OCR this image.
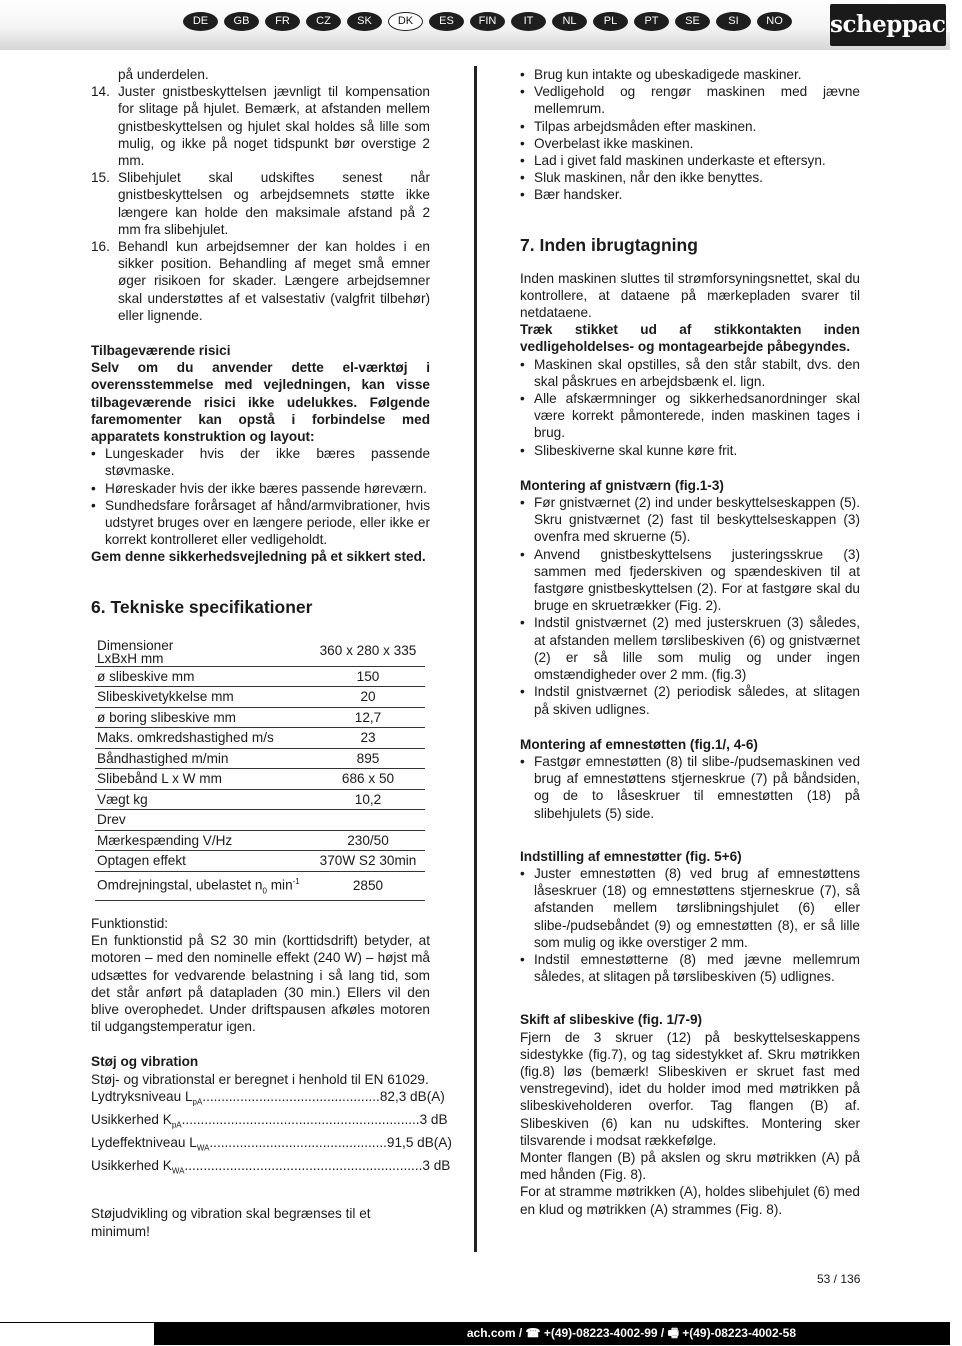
DE	GB	FR	CZ	SK	DK	ES	FIN	IT	NL	PL	PT	SE	SI	NO	scheppach

på underdelen.

14. Juster gnistbeskyttelsen jævnligt til kompensation for slitage på hjulet. Bemærk, at afstanden mellem gnistbeskyttelsen og hjulet skal holdes så lille som mulig, og ikke på noget tidspunkt bør overstige 2 mm.

15. Slibehjulet skal udskiftes senest når gnistbeskyttelsen og arbejdsemnets støtte ikke længere kan holde den maksimale afstand på 2 mm fra slibehjulet.

16. Behandl kun arbejdsemner der kan holdes i en sikker position. Behandling af meget små emner øger risikoen for skader. Længere arbejdsemner skal understøttes af et valsestativ (valgfrit tilbehør) eller lignende.

Tilbageværende risici

Selv om du anvender dette el-værktøj i overensstemmelse med vejledningen, kan visse tilbageværende risici ikke udelukkes. Følgende faremomenter kan opstå i forbindelse med apparatets konstruktion og layout:

• Lungeskader hvis der ikke bæres passende støvmaske.
• Høreskader hvis der ikke bæres passende høreværn.
• Sundhedsfare forårsaget af hånd/armvibrationer, hvis udstyret bruges over en længere periode, eller ikke er korrekt kontrolleret eller vedligeholdt.

Gem denne sikkerhedsvejledning på et sikkert sted.

6. Tekniske specifikationer
Dimensioner
LxBxH mm	360 x 280 x 335
ø slibeskive mm	150
Slibeskivetykkelse mm	20
ø boring slibeskive mm	12,7
Maks. omkredshastighed m/s	23
Båndhastighed m/min	895
Slibebånd L x W mm	686 x 50
Vægt kg	10,2
Drev	
Mærkespænding V/Hz	230/50
Optagen effekt	370W S2 30min
Omdrejningstal, ubelastet $n_0$ $\min^{-1}$	2850

Funktionstid:

En funktionstid på S2 30 min (korttidsdrift) betyder, at motoren – med den nominelle effekt (240 W) – højst må udsættes for vedvarende belastning i så lang tid, som det står anført på datapladen (30 min.) Ellers vil den blive overophedet. Under driftspausen afkøles motoren til udgangstemperatur igen.

Støj og vibration

Støj- og vibrationstal er beregnet i henhold til EN 61029.

Lydtryksniveau $L_{pA}$ ............................................... 82,3 dB(A)
Usikkerhed $K_{pA}$ ............................................................... 3 dB
Lydeffektniveau $L_{WA}$ ............................................... 91,5 dB(A)
Usikkerhed $K_{WA}$ ............................................................... 3 dB

Støjudvikling og vibration skal begrænses til et minimum!

• Brug kun intakte og ubeskadigede maskiner.
• Vedligehold og rengør maskinen med jævne mellemrum.
• Tilpas arbejdsmåden efter maskinen.
• Overbelast ikke maskinen.
• Lad i givet fald maskinen underkaste et eftersyn.
• Sluk maskinen, når den ikke benyttes.
• Bær handsker.
7. Inden ibrugtagning

Inden maskinen sluttes til strømforsyningsnettet, skal du kontrollere, at dataene på mærkepladen svarer til netdataene.

Træk stikket ud af stikkontakten inden vedligeholdelses- og montagearbejde påbegyndes.

• Maskinen skal opstilles, så den står stabilt, dvs. den skal påskrues en arbejdsbænk el. lign.
• Alle afskærmninger og sikkerhedsanordninger skal være korrekt påmonterede, inden maskinen tages i brug.
• Slibeskiverne skal kunne køre frit.

Montering af gnistværn (fig.1-3)

• Før gnistværnet (2) ind under beskyttelseskappen (5). Skru gnistværnet (2) fast til beskyttelseskappen (3) ovenfra med skruerne (5).
• Anvend gnistbeskyttelsens justeringsskrue (3) sammen med fjederskiven og spændeskiven til at fastgøre gnistbeskyttelsen (2). For at fastgøre skal du bruge en skruetrækker (Fig. 2).
• Indstil gnistværnet (2) med justerskruen (3) således, at afstanden mellem tørslibeskiven (6) og gnistværnet (2) er så lille som mulig og under ingen omstændigheder over 2 mm. (fig.3)
• Indstil gnistværnet (2) periodisk således, at slitagen på skiven udlignes.

Montering af emnestøtten (fig.1/, 4-6)

• Fastgør emnestøtten (8) til slibe-/pudsemaskinen ved brug af emnestøttens stjerneskrue (7) på båndsiden, og de to låseskruer til emnestøtten (18) på slibehjulets (5) side.

Indstilling af emnestøtter (fig. 5+6)

• Juster emnestøtten (8) ved brug af emnestøttens låseskruer (18) og emnestøttens stjerneskrue (7), så afstanden mellem tørslibningshjulet (6) eller slibe-/pudsebåndet (9) og emnestøtten (8), er så lille som mulig og ikke overstiger 2 mm.
• Indstil emnestøtterne (8) med jævne mellemrum således, at slitagen på tørslibeskiven (5) udlignes.

Skift af slibeskive (fig. 1/7-9)

Fjern de 3 skruer (12) på beskyttelseskappens sidestykke (fig.7), og tag sidestykket af. Skru møtrikken (fig.8) løs (bemærk! Slibeskiven er skruet fast med venstregevind), idet du holder imod med møtrikken på slibeskiveholderen overfor. Tag flangen (B) af. Slibeskiven (6) kan nu udskiftes. Montering sker tilsvarende i modsat rækkefølge.

Monter flangen (B) på akslen og skru møtrikken (A) på med hånden (Fig. 8).

For at stramme møtrikken (A), holdes slibehjulet (6) med en klud og møtrikken (A) strammes (Fig. 8).

53 / 136
ach.com / ☎ +(49)-08223-4002-99 / 🖷 +(49)-08223-4002-58
